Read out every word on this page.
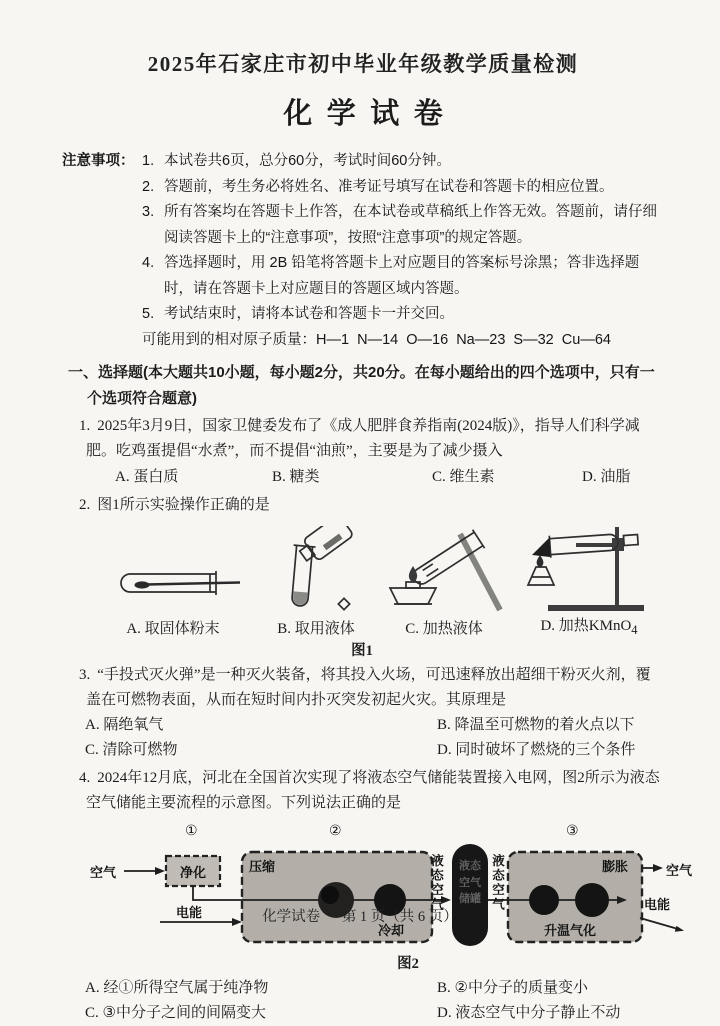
2025年石家庄市初中毕业年级教学质量检测
化学试卷
注意事项： 1. 本试卷共6页，总分60分，考试时间60分钟。
2. 答题前，考生务必将姓名、准考证号填写在试卷和答题卡的相应位置。
3. 所有答案均在答题卡上作答，在本试卷或草稿纸上作答无效。答题前，请仔细阅读答题卡上的“注意事项”，按照“注意事项”的规定答题。
4. 答选择题时，用 2B 铅笔将答题卡上对应题目的答案标号涂黑；答非选择题时，请在答题卡上对应题目的答题区域内答题。
5. 考试结束时，请将本试卷和答题卡一并交回。
可能用到的相对原子质量：H—1  N—14  O—16  Na—23  S—32  Cu—64
一、选择题(本大题共10小题，每小题2分，共20分。在每小题给出的四个选项中，只有一个选项符合题意)

1. 2025年3月9日，国家卫健委发布了《成人肥胖食养指南(2024版)》，指导人们科学减肥。吃鸡蛋提倡“水煮”，而不提倡“油煎”，主要是为了减少摄入

A. 蛋白质	B. 糖类	C. 维生素	D. 油脂

2. 图1所示实验操作正确的是

A. 取固体粉末	B. 取用液体	C. 加热液体	D. 加热KMnO$_4$
图1

3. “手投式灭火弹”是一种灭火装备，将其投入火场，可迅速释放出超细干粉灭火剂，覆盖在可燃物表面，从而在短时间内扑灭突发初起火灾。其原理是

A. 隔绝氧气	B. 降温至可燃物的着火点以下
C. 清除可燃物	D. 同时破坏了燃烧的三个条件

4. 2024年12月底，河北在全国首次实现了将液态空气储能装置接入电网，图2所示为液态空气储能主要流程的示意图。下列说法正确的是

空气
①
净化
②
压缩
冷却
电能
液态空气 液态空气储罐 液态空气
③
膨胀
升温气化
空气
电能
图2
A. 经①所得空气属于纯净物	B. ②中分子的质量变小
C. ③中分子之间的间隔变大	D. 液态空气中分子静止不动
化学试卷 第 1 页（共 6 页）
